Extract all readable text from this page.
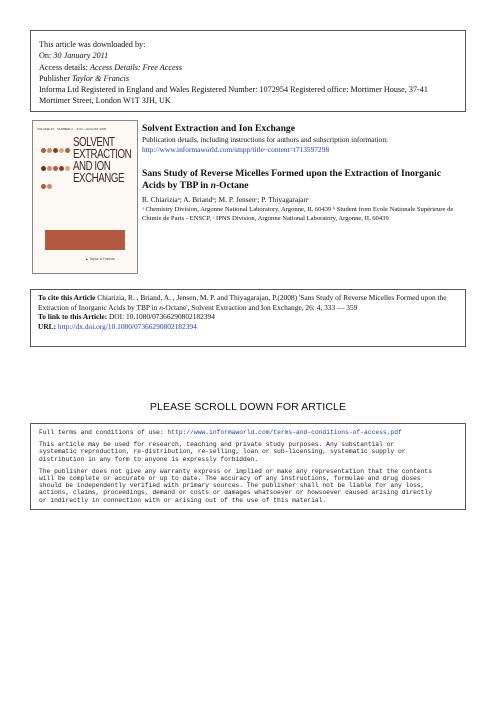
This article was downloaded by:
On: 30 January 2011
Access details: Access Details: Free Access
Publisher Taylor & Francis
Informa Ltd Registered in England and Wales Registered Number: 1072954 Registered office: Mortimer House, 37-41 Mortimer Street, London W1T 3JH, UK
VOLUME 23 NUMBER 4 JULY—AUGUST 2005
SOLVENT
EXTRACTION
AND ION
EXCHANGE
▲ Taylor & Francis
Solvent Extraction and Ion Exchange
Publication details, including instructions for authors and subscription information:
http://www.informaworld.com/smpp/title~content=t713597298
Sans Study of Reverse Micelles Formed upon the Extraction of Inorganic Acids by TBP in n-Octane
R. Chiariziaᵃ; A. Briandᵇ; M. P. Jensenᶜ; P. Thiyagarajanᶜ
ᵃ Chemistry Division, Argonne National Laboratory, Argonne, IL 60439 ᵇ Student from Ecole Nationale Supérieure de Chimie de Paris - ENSCP, ᶜ IPNS Division, Argonne National Laboratory, Argonne, IL 60439
To cite this Article Chiarizia, R. , Briand, A. , Jensen, M. P. and Thiyagarajan, P.(2008) 'Sans Study of Reverse Micelles Formed upon the Extraction of Inorganic Acids by TBP in n-Octane', Solvent Extraction and Ion Exchange, 26: 4, 333 — 359
To link to this Article: DOI: 10.1080/07366290802182394
URL: http://dx.doi.org/10.1080/07366290802182394
PLEASE SCROLL DOWN FOR ARTICLE

Full terms and conditions of use: http://www.informaworld.com/terms-and-conditions-of-access.pdf

This article may be used for research, teaching and private study purposes. Any substantial or
systematic reproduction, re-distribution, re-selling, loan or sub-licensing, systematic supply or
distribution in any form to anyone is expressly forbidden.

The publisher does not give any warranty express or implied or make any representation that the contents
will be complete or accurate or up to date. The accuracy of any instructions, formulae and drug doses
should be independently verified with primary sources. The publisher shall not be liable for any loss,
actions, claims, proceedings, demand or costs or damages whatsoever or howsoever caused arising directly
or indirectly in connection with or arising out of the use of this material.
